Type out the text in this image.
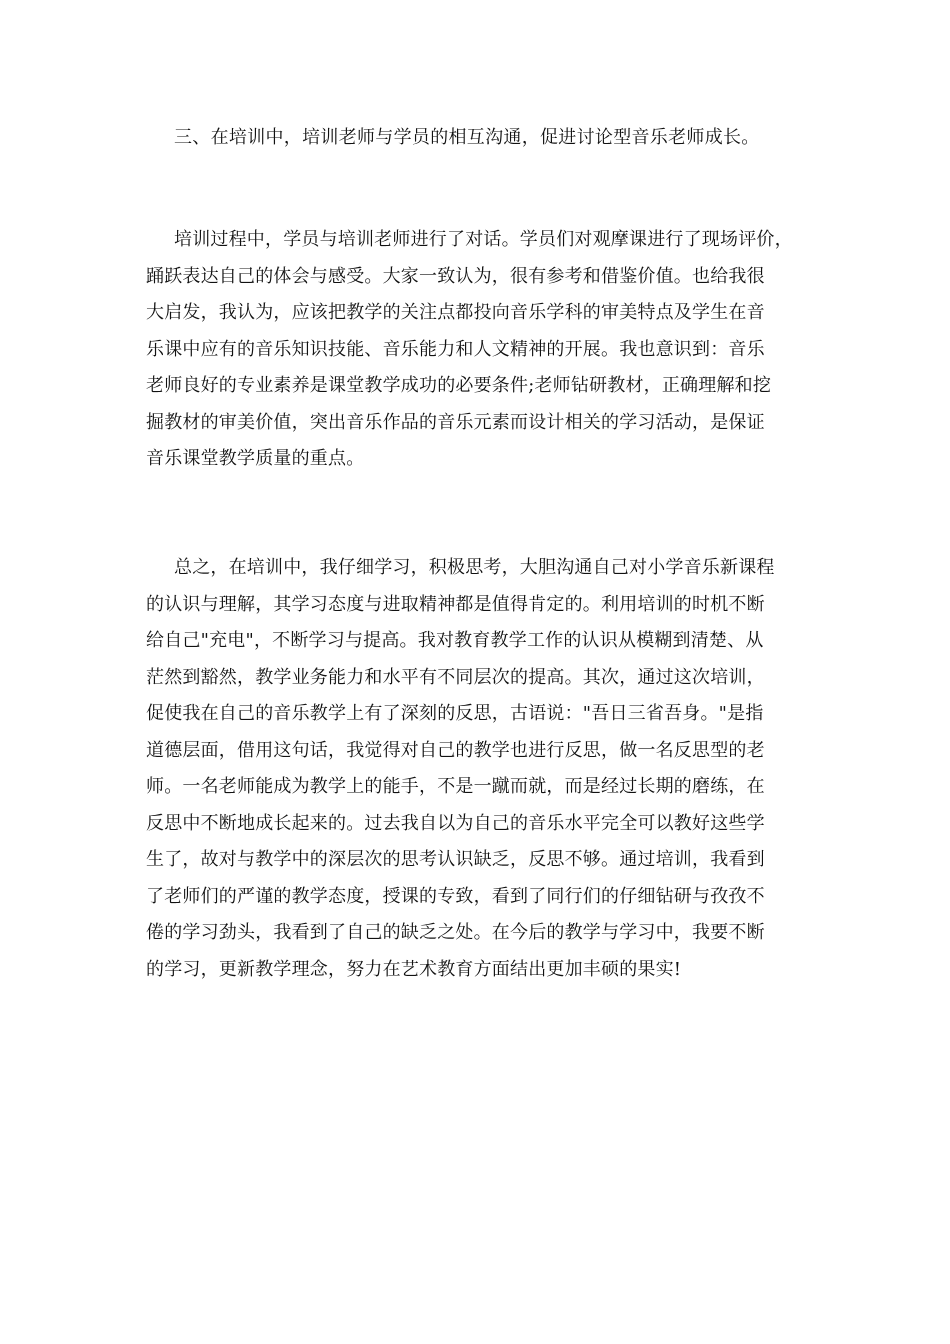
三、在培训中，培训老师与学员的相互沟通，促进讨论型音乐老师成长。
培训过程中，学员与培训老师进行了对话。学员们对观摩课进行了现场评价，
踊跃表达自己的体会与感受。大家一致认为，很有参考和借鉴价值。也给我很
大启发，我认为，应该把教学的关注点都投向音乐学科的审美特点及学生在音
乐课中应有的音乐知识技能、音乐能力和人文精神的开展。我也意识到：音乐
老师良好的专业素养是课堂教学成功的必要条件;老师钻研教材，正确理解和挖
掘教材的审美价值，突出音乐作品的音乐元素而设计相关的学习活动，是保证
音乐课堂教学质量的重点。
总之，在培训中，我仔细学习，积极思考，大胆沟通自己对小学音乐新课程
的认识与理解，其学习态度与进取精神都是值得肯定的。利用培训的时机不断
给自己"充电"，不断学习与提高。我对教育教学工作的认识从模糊到清楚、从
茫然到豁然，教学业务能力和水平有不同层次的提高。其次，通过这次培训，
促使我在自己的音乐教学上有了深刻的反思，古语说："吾日三省吾身。"是指
道德层面，借用这句话，我觉得对自己的教学也进行反思，做一名反思型的老
师。一名老师能成为教学上的能手，不是一蹴而就，而是经过长期的磨练，在
反思中不断地成长起来的。过去我自以为自己的音乐水平完全可以教好这些学
生了，故对与教学中的深层次的思考认识缺乏，反思不够。通过培训，我看到
了老师们的严谨的教学态度，授课的专致，看到了同行们的仔细钻研与孜孜不
倦的学习劲头，我看到了自己的缺乏之处。在今后的教学与学习中，我要不断
的学习，更新教学理念，努力在艺术教育方面结出更加丰硕的果实!
